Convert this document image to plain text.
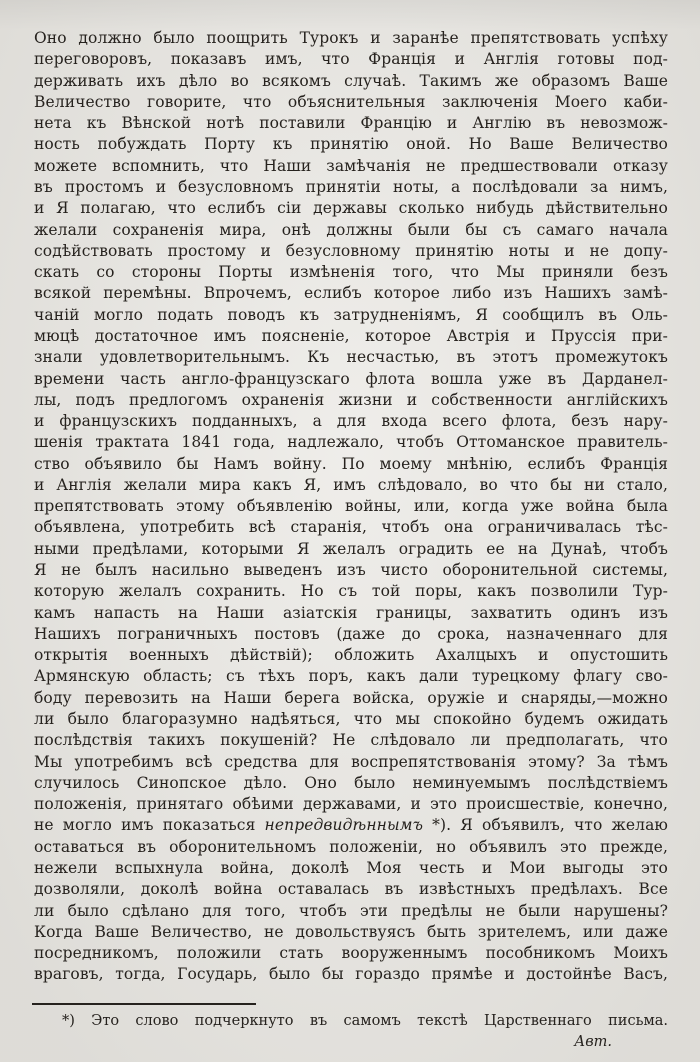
Оно должно было поощрить Турокъ и заранѣе препятствовать успѣху
переговоровъ, показавъ имъ, что Франція и Англія готовы под-
держивать ихъ дѣло во всякомъ случаѣ. Такимъ же образомъ Ваше
Величество говорите, что объяснительныя заключенія Моего каби-
нета къ Вѣнской нотѣ поставили Францію и Англію въ невозмож-
ность побуждать Порту къ принятію оной. Но Ваше Величество
можете вспомнить, что Наши замѣчанія не предшествовали отказу
въ простомъ и безусловномъ принятіи ноты, а послѣдовали за нимъ,
и Я полагаю, что еслибъ сіи державы сколько нибудь дѣйствительно
желали сохраненія мира, онѣ должны были бы съ самаго начала
содѣйствовать простому и безусловному принятію ноты и не допу-
скать со стороны Порты измѣненія того, что Мы приняли безъ
всякой перемѣны. Впрочемъ, еслибъ которое либо изъ Нашихъ замѣ-
чаній могло подать поводъ къ затрудненіямъ, Я сообщилъ въ Оль-
мюцѣ достаточное имъ поясненіе, которое Австрія и Пруссія при-
знали удовлетворительнымъ. Къ несчастью, въ этотъ промежутокъ
времени часть англо-французскаго флота вошла уже въ Дарданел-
лы, подъ предлогомъ охраненія жизни и собственности англійскихъ
и французскихъ подданныхъ, а для входа всего флота, безъ нару-
шенія трактата 1841 года, надлежало, чтобъ Оттоманское правитель-
ство объявило бы Намъ войну. По моему мнѣнію, еслибъ Франція
и Англія желали мира какъ Я, имъ слѣдовало, во что бы ни стало,
препятствовать этому объявленію войны, или, когда уже война была
объявлена, употребить всѣ старанія, чтобъ она ограничивалась тѣс-
ными предѣлами, которыми Я желалъ оградить ее на Дунаѣ, чтобъ
Я не былъ насильно выведенъ изъ чисто оборонительной системы,
которую желалъ сохранить. Но съ той поры, какъ позволили Тур-
камъ напасть на Наши азіатскія границы, захватить одинъ изъ
Нашихъ пограничныхъ постовъ (даже до срока, назначеннаго для
открытія военныхъ дѣйствій); обложить Ахалцыхъ и опустошить
Армянскую область; съ тѣхъ поръ, какъ дали турецкому флагу сво-
боду перевозить на Наши берега войска, оружіе и снаряды,—можно
ли было благоразумно надѣяться, что мы спокойно будемъ ожидать
послѣдствія такихъ покушеній? Не слѣдовало ли предполагать, что
Мы употребимъ всѣ средства для воспрепятствованія этому? За тѣмъ
случилось Синопское дѣло. Оно было неминуемымъ послѣдствіемъ
положенія, принятаго обѣими державами, и это происшествіе, конечно,
не могло имъ показаться непредвидѣннымъ *). Я объявилъ, что желаю
оставаться въ оборонительномъ положеніи, но объявилъ это прежде,
нежели вспыхнула война, доколѣ Моя честь и Мои выгоды это
дозволяли, доколѣ война оставалась въ извѣстныхъ предѣлахъ. Все
ли было сдѣлано для того, чтобъ эти предѣлы не были нарушены?
Когда Ваше Величество, не довольствуясъ быть зрителемъ, или даже
посредникомъ, положили стать вооруженнымъ пособникомъ Моихъ
враговъ, тогда, Государь, было бы гораздо прямѣе и достойнѣе Васъ,
*) Это слово подчеркнуто въ самомъ текстѣ Царственнаго письма.
Авт.
